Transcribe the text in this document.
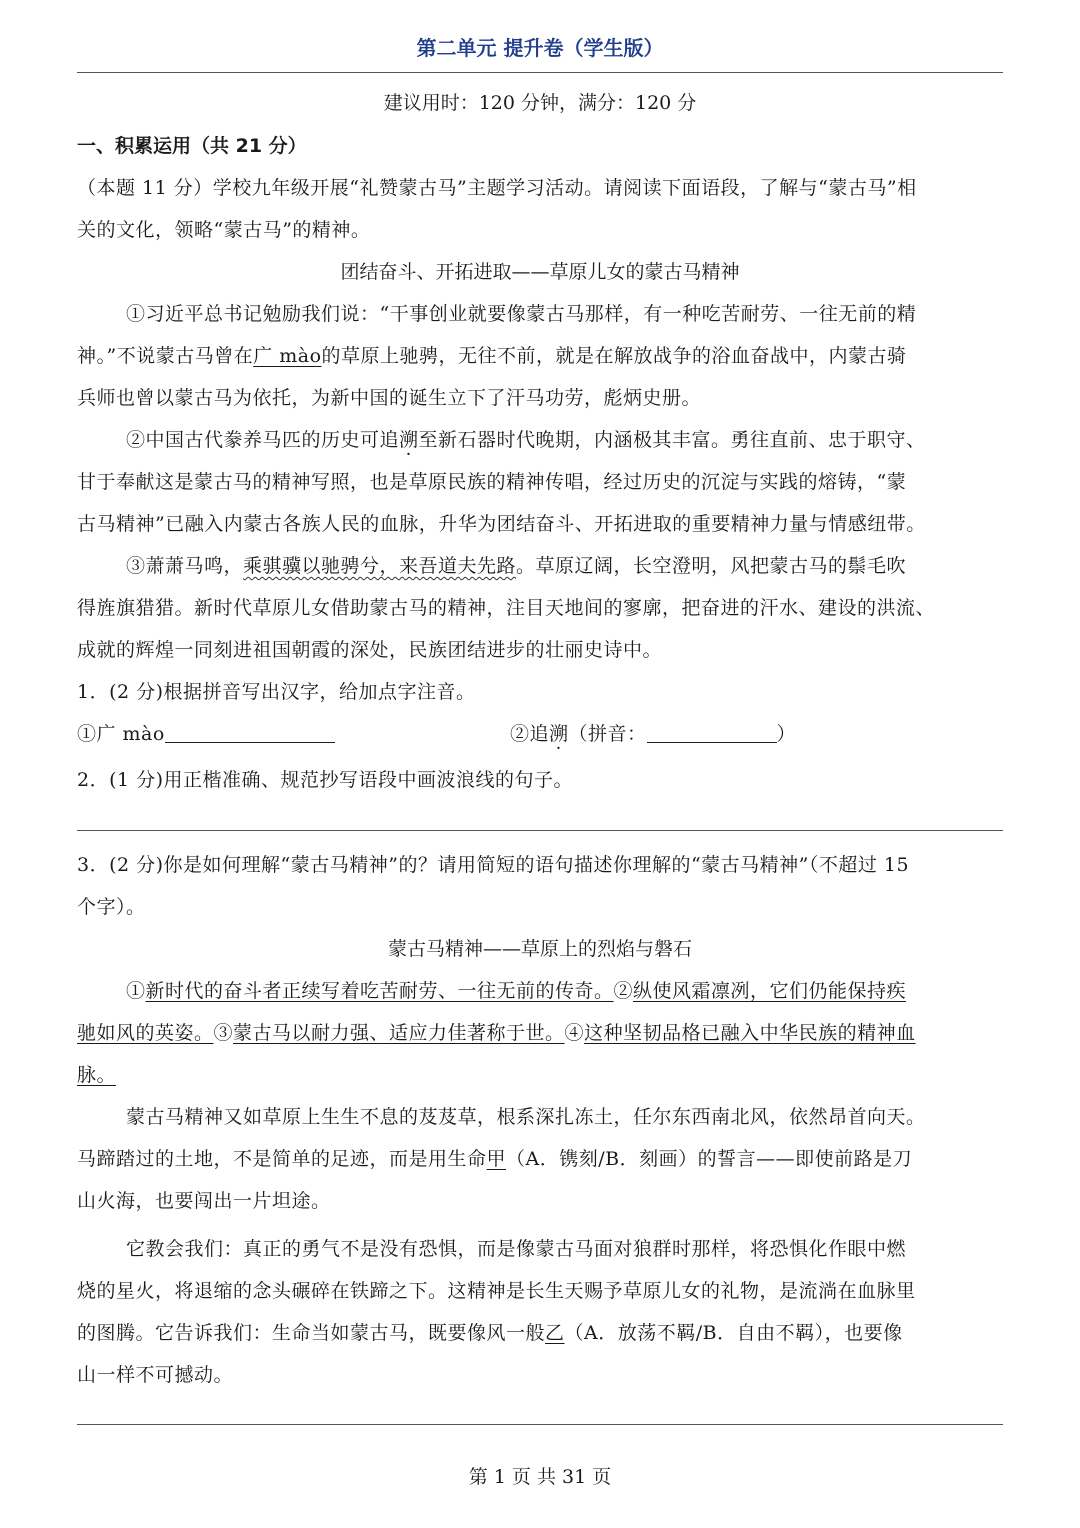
第二单元 提升卷（学生版）
建议用时：120 分钟，满分：120 分
一、积累运用（共 21 分）
（本题 11 分）学校九年级开展“礼赞蒙古马”主题学习活动。请阅读下面语段，了解与“蒙古马”相
关的文化，领略“蒙古马”的精神。
团结奋斗、开拓进取——草原儿女的蒙古马精神
①习近平总书记勉励我们说：“干事创业就要像蒙古马那样，有一种吃苦耐劳、一往无前的精
神。”不说蒙古马曾在广 mào的草原上驰骋，无往不前，就是在解放战争的浴血奋战中，内蒙古骑
兵师也曾以蒙古马为依托，为新中国的诞生立下了汗马功劳，彪炳史册。
②中国古代豢养马匹的历史可追溯至新石器时代晚期，内涵极其丰富。勇往直前、忠于职守、
甘于奉献这是蒙古马的精神写照，也是草原民族的精神传唱，经过历史的沉淀与实践的熔铸，“蒙
古马精神”已融入内蒙古各族人民的血脉，升华为团结奋斗、开拓进取的重要精神力量与情感纽带。
③萧萧马鸣，乘骐骥以驰骋兮，来吾道夫先路。草原辽阔，长空澄明，风把蒙古马的鬃毛吹
得旌旗猎猎。新时代草原儿女借助蒙古马的精神，注目天地间的寥廓，把奋进的汗水、建设的洪流、
成就的辉煌一同刻进祖国朝霞的深处，民族团结进步的壮丽史诗中。
1．(2 分)根据拼音写出汉字，给加点字注音。
①广 mào	②追溯（拼音：	）
2．(1 分)用正楷准确、规范抄写语段中画波浪线的句子。
3．(2 分)你是如何理解“蒙古马精神”的？请用简短的语句描述你理解的“蒙古马精神”（不超过 15
个字）。
蒙古马精神——草原上的烈焰与磐石
①新时代的奋斗者正续写着吃苦耐劳、一往无前的传奇。②纵使风霜凛冽，它们仍能保持疾
驰如风的英姿。③蒙古马以耐力强、适应力佳著称于世。④这种坚韧品格已融入中华民族的精神血
脉。
蒙古马精神又如草原上生生不息的芨芨草，根系深扎冻土，任尔东西南北风，依然昂首向天。
马蹄踏过的土地，不是简单的足迹，而是用生命甲（A．镌刻/B．刻画）的誓言——即使前路是刀
山火海，也要闯出一片坦途。
它教会我们：真正的勇气不是没有恐惧，而是像蒙古马面对狼群时那样，将恐惧化作眼中燃
烧的星火，将退缩的念头碾碎在铁蹄之下。这精神是长生天赐予草原儿女的礼物，是流淌在血脉里
的图腾。它告诉我们：生命当如蒙古马，既要像风一般乙（A．放荡不羁/B．自由不羁），也要像
山一样不可撼动。
第 1 页 共 31 页
